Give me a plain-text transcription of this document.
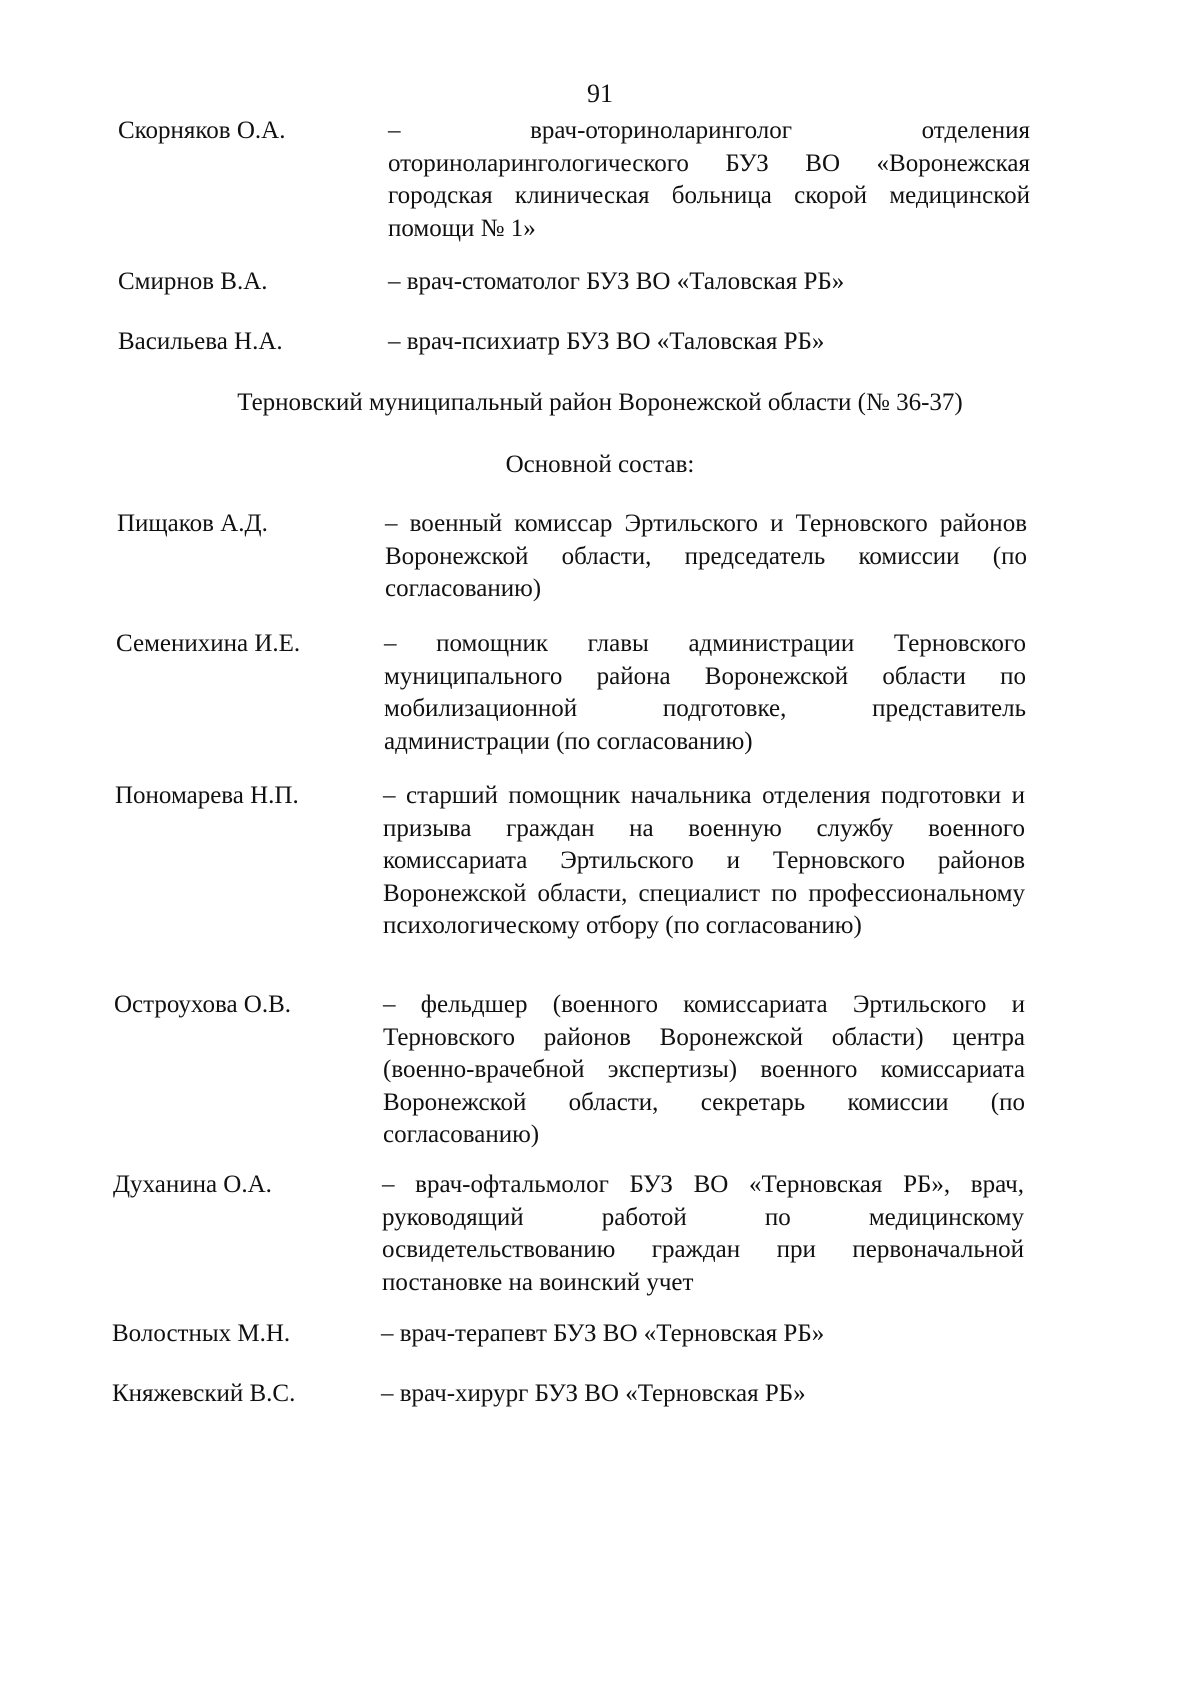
91
Скорняков О.А.	– врач-оториноларинголог отделения оториноларингологического БУЗ ВО «Воронежская городская клиническая больница скорой медицинской помощи № 1»
Смирнов В.А.	– врач-стоматолог БУЗ ВО «Таловская РБ»
Васильева Н.А.	– врач-психиатр БУЗ ВО «Таловская РБ»
Терновский муниципальный район Воронежской области (№ 36-37)
Основной состав:
Пищаков А.Д.	– военный комиссар Эртильского и Терновского районов Воронежской области, председатель комиссии (по согласованию)
Семенихина И.Е.	– помощник главы администрации Терновского муниципального района Воронежской области по мобилизационной подготовке, представитель администрации (по согласованию)
Пономарева Н.П.	– старший помощник начальника отделения подготовки и призыва граждан на военную службу военного комиссариата Эртильского и Терновского районов Воронежской области, специалист по профессиональному психологическому отбору (по согласованию)
Остроухова О.В.	– фельдшер (военного комиссариата Эртильского и Терновского районов Воронежской области) центра (военно-врачебной экспертизы) военного комиссариата Воронежской области, секретарь комиссии (по согласованию)
Духанина О.А.	– врач-офтальмолог БУЗ ВО «Терновская РБ», врач, руководящий работой по медицинскому освидетельствованию граждан при первоначальной постановке на воинский учет
Волостных М.Н.	– врач-терапевт БУЗ ВО «Терновская РБ»
Княжевский В.С.	– врач-хирург БУЗ ВО «Терновская РБ»
